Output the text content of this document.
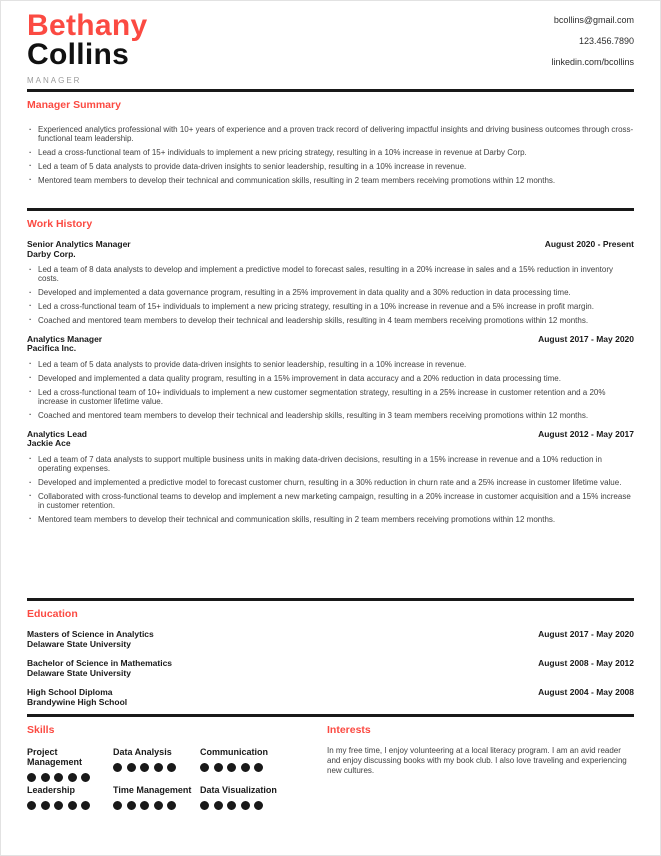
Bethany
Collins
MANAGER
bcollins@gmail.com
123.456.7890
linkedin.com/bcollins
Manager Summary
· Experienced analytics professional with 10+ years of experience and a proven track record of delivering impactful insights and driving business outcomes through cross-functional team leadership.
· Lead a cross-functional team of 15+ individuals to implement a new pricing strategy, resulting in a 10% increase in revenue at Darby Corp.
· Led a team of 5 data analysts to provide data-driven insights to senior leadership, resulting in a 10% increase in revenue.
· Mentored team members to develop their technical and communication skills, resulting in 2 team members receiving promotions within 12 months.
Work History
Senior Analytics Manager
Darby Corp.
August 2020 - Present
· Led a team of 8 data analysts to develop and implement a predictive model to forecast sales, resulting in a 20% increase in sales and a 15% reduction in inventory costs.
· Developed and implemented a data governance program, resulting in a 25% improvement in data quality and a 30% reduction in data processing time.
· Led a cross-functional team of 15+ individuals to implement a new pricing strategy, resulting in a 10% increase in revenue and a 5% increase in profit margin.
· Coached and mentored team members to develop their technical and leadership skills, resulting in 4 team members receiving promotions within 12 months.
Analytics Manager
Pacifica Inc.
August 2017 - May 2020
· Led a team of 5 data analysts to provide data-driven insights to senior leadership, resulting in a 10% increase in revenue.
· Developed and implemented a data quality program, resulting in a 15% improvement in data accuracy and a 20% reduction in data processing time.
· Led a cross-functional team of 10+ individuals to implement a new customer segmentation strategy, resulting in a 25% increase in customer retention and a 20% increase in customer lifetime value.
· Coached and mentored team members to develop their technical and leadership skills, resulting in 3 team members receiving promotions within 12 months.
Analytics Lead
Jackie Ace
August 2012 - May 2017
· Led a team of 7 data analysts to support multiple business units in making data-driven decisions, resulting in a 15% increase in revenue and a 10% reduction in operating expenses.
· Developed and implemented a predictive model to forecast customer churn, resulting in a 30% reduction in churn rate and a 25% increase in customer lifetime value.
· Collaborated with cross-functional teams to develop and implement a new marketing campaign, resulting in a 20% increase in customer acquisition and a 15% increase in customer retention.
· Mentored team members to develop their technical and communication skills, resulting in 2 team members receiving promotions within 12 months.
Education
Masters of Science in Analytics
Delaware State University
August 2017 - May 2020
Bachelor of Science in Mathematics
Delaware State University
August 2008 - May 2012
High School Diploma
Brandywine High School
August 2004 - May 2008
Skills
Project Management
Data Analysis	Communication
Leadership	Time Management Data Visualization
Interests

In my free time, I enjoy volunteering at a local literacy program. I am an avid reader and enjoy discussing books with my book club. I also love traveling and experiencing new cultures.
